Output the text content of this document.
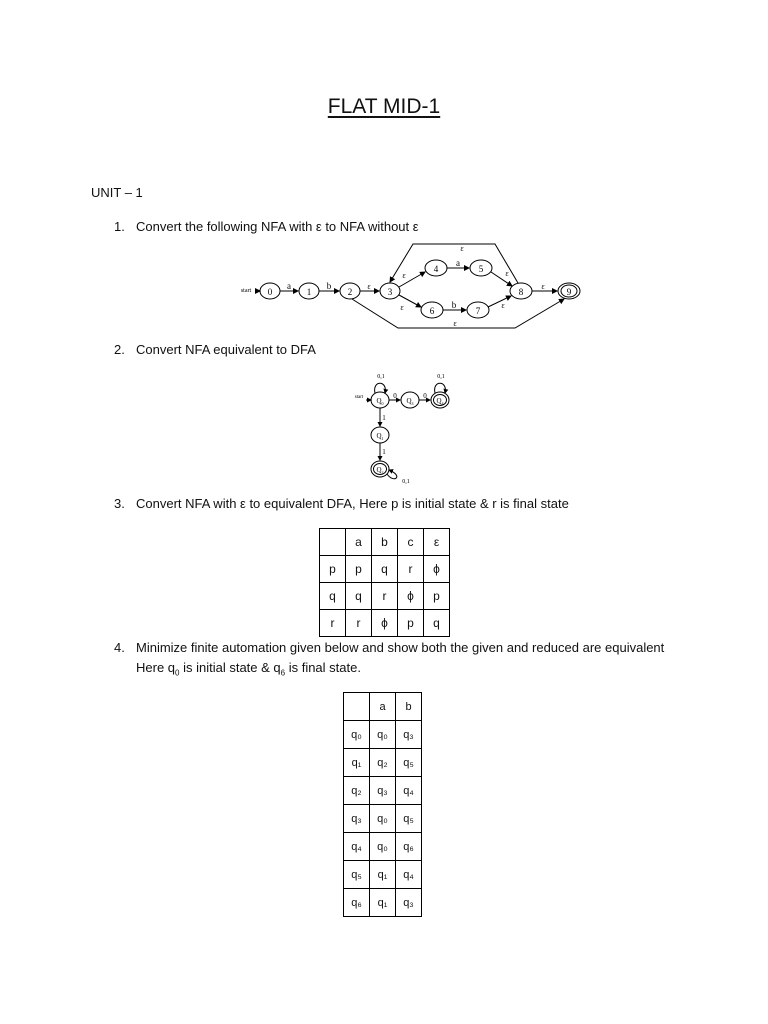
FLAT MID-1
UNIT – 1
1. Convert the following NFA with ε to NFA without ε
start 0	1	2	3
4	5
6	7
8	9
a	b	ε
a
b
ε
ε
ε
ε
ε
ε
ε
2. Convert NFA equivalent to DFA
start $Q_0$	$Q_3$	$Q_4$
$Q_1$
$Q_2$
0,1	0,1
0,1
0	0
1
1
3. Convert NFA with ε to equivalent DFA, Here p is initial state & r is final state
	a	b	c	ε
p	p	q	r	ϕ
q	q	r	ϕ	p
r	r	ϕ	p	q
4. Minimize finite automation given below and show both the given and reduced are equivalent
Here $q_0$ is initial state & $q_6$ is final state.
	a	b
q₀	q₀	q₃
q₁	q₂	q₅
q₂	q₃	q₄
q₃	q₀	q₅
q₄	q₀	q₆
q₅	q₁	q₄
q₆	q₁	q₃
